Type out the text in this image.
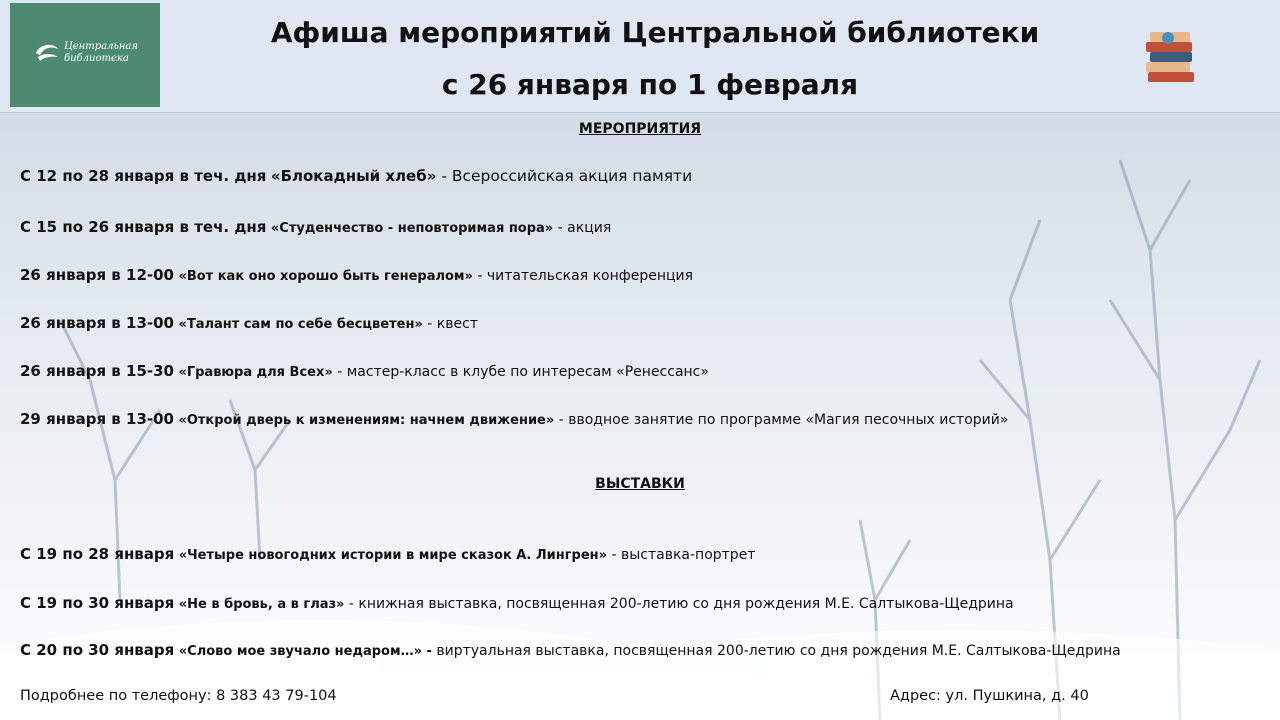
Центральная
библиотека
Афиша мероприятий Центральной библиотеки
с 26 января по 1 февраля
МЕРОПРИЯТИЯ
С 12 по 28 января в теч. дня «Блокадный хлеб» - Всероссийская акция памяти
С 15 по 26 января в теч. дня «Студенчество - неповторимая пора» - акция
26 января в 12-00 «Вот как оно хорошо быть генералом» - читательская конференция
26 января в 13-00 «Талант сам по себе бесцветен» - квест
26 января в 15-30 «Гравюра для Всех» - мастер-класс в клубе по интересам «Ренессанс»
29 января в 13-00 «Открой дверь к изменениям: начнем движение» - вводное занятие по программе «Магия песочных историй»
ВЫСТАВКИ
С 19 по 28 января «Четыре новогодних истории в мире сказок А. Лингрен» - выставка-портрет
С 19 по 30 января «Не в бровь, а в глаз» - книжная выставка, посвященная 200-летию со дня рождения М.Е. Салтыкова-Щедрина
С 20 по 30 января «Слово мое звучало недаром…» - виртуальная выставка, посвященная 200-летию со дня рождения М.Е. Салтыкова-Щедрина
Подробнее по телефону: 8 383 43 79-104	Адрес: ул. Пушкина, д. 40
